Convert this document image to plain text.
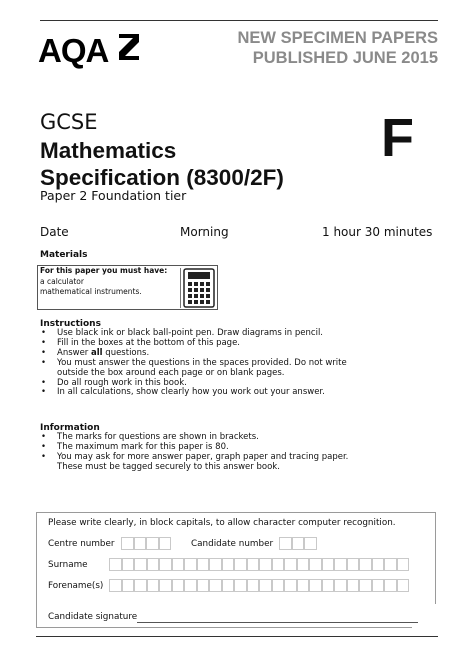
AQA	NEW SPECIMEN PAPERS
PUBLISHED JUNE 2015
GCSE
Mathematics
Specification (8300/2F)
Paper 2 Foundation tier
F
Date	Morning	1 hour 30 minutes
Materials
For this paper you must have:
a calculator
mathematical instruments.
Instructions
• Use black ink or black ball-point pen. Draw diagrams in pencil.
• Fill in the boxes at the bottom of this page.
• Answer all questions.
• You must answer the questions in the spaces provided. Do not write outside the box around each page or on blank pages.
• Do all rough work in this book.
• In all calculations, show clearly how you work out your answer.
Information
• The marks for questions are shown in brackets.
• The maximum mark for this paper is 80.
• You may ask for more answer paper, graph paper and tracing paper. These must be tagged securely to this answer book.
Please write clearly, in block capitals, to allow character computer recognition.
Centre number	Candidate number
Surname
Forename(s)
Candidate signature
